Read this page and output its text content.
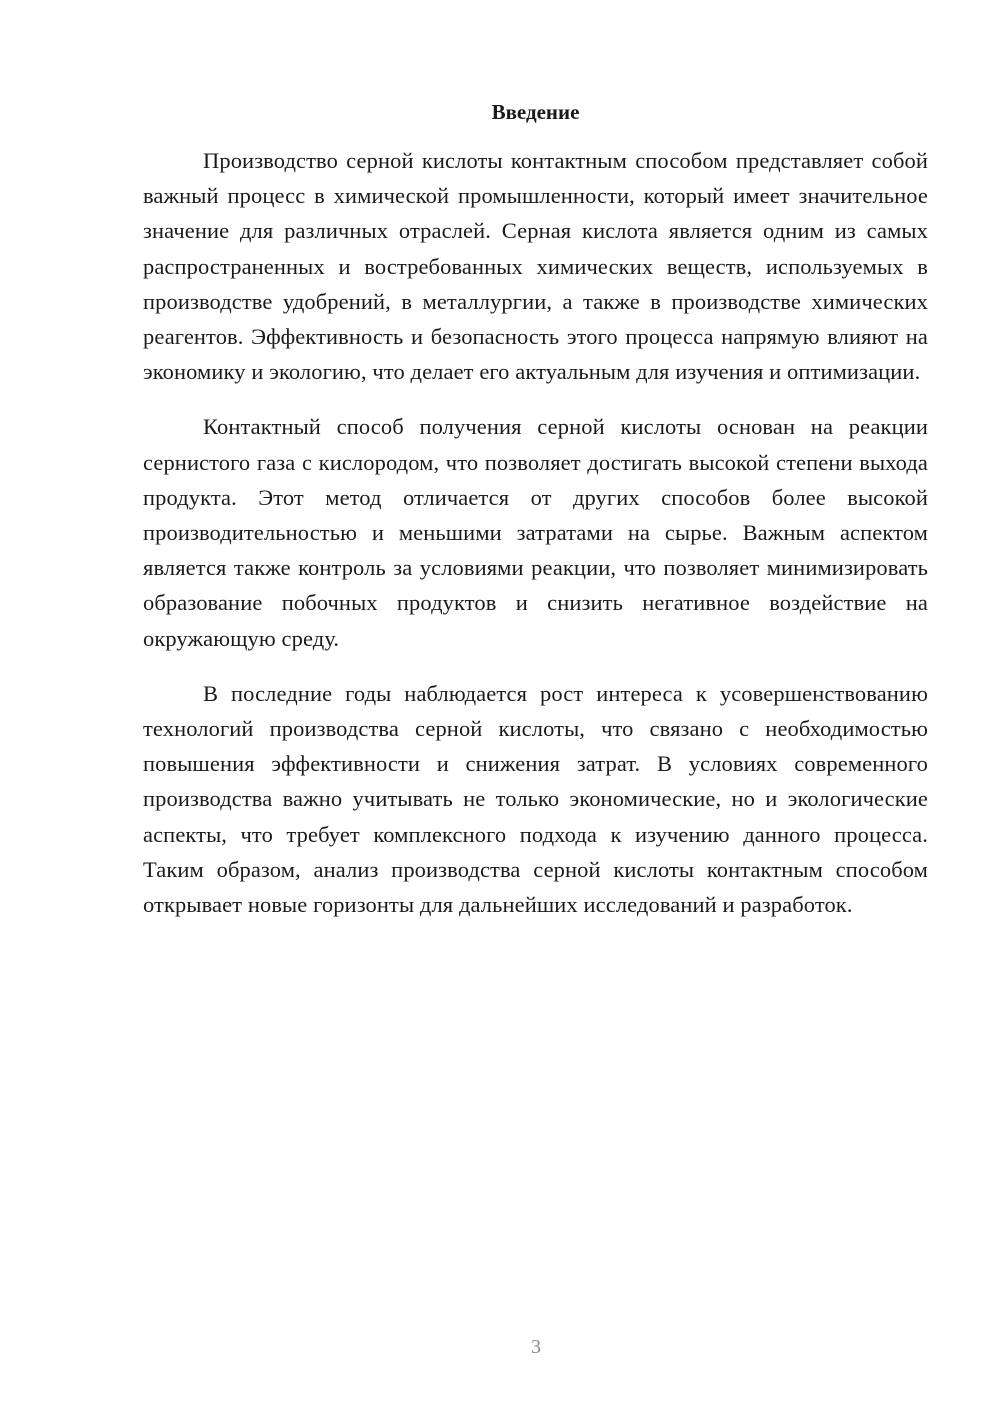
Введение

Производство серной кислоты контактным способом представляет собой важный процесс в химической промышленности, который имеет значительное значение для различных отраслей. Серная кислота является одним из самых распространенных и востребованных химических веществ, используемых в производстве удобрений, в металлургии, а также в производстве химических реагентов. Эффективность и безопасность этого процесса напрямую влияют на экономику и экологию, что делает его актуальным для изучения и оптимизации.

Контактный способ получения серной кислоты основан на реакции сернистого газа с кислородом, что позволяет достигать высокой степени выхода продукта. Этот метод отличается от других способов более высокой производительностью и меньшими затратами на сырье. Важным аспектом является также контроль за условиями реакции, что позволяет минимизировать образование побочных продуктов и снизить негативное воздействие на окружающую среду.

В последние годы наблюдается рост интереса к усовершенствованию технологий производства серной кислоты, что связано с необходимостью повышения эффективности и снижения затрат. В условиях современного производства важно учитывать не только экономические, но и экологические аспекты, что требует комплексного подхода к изучению данного процесса. Таким образом, анализ производства серной кислоты контактным способом открывает новые горизонты для дальнейших исследований и разработок.

3
